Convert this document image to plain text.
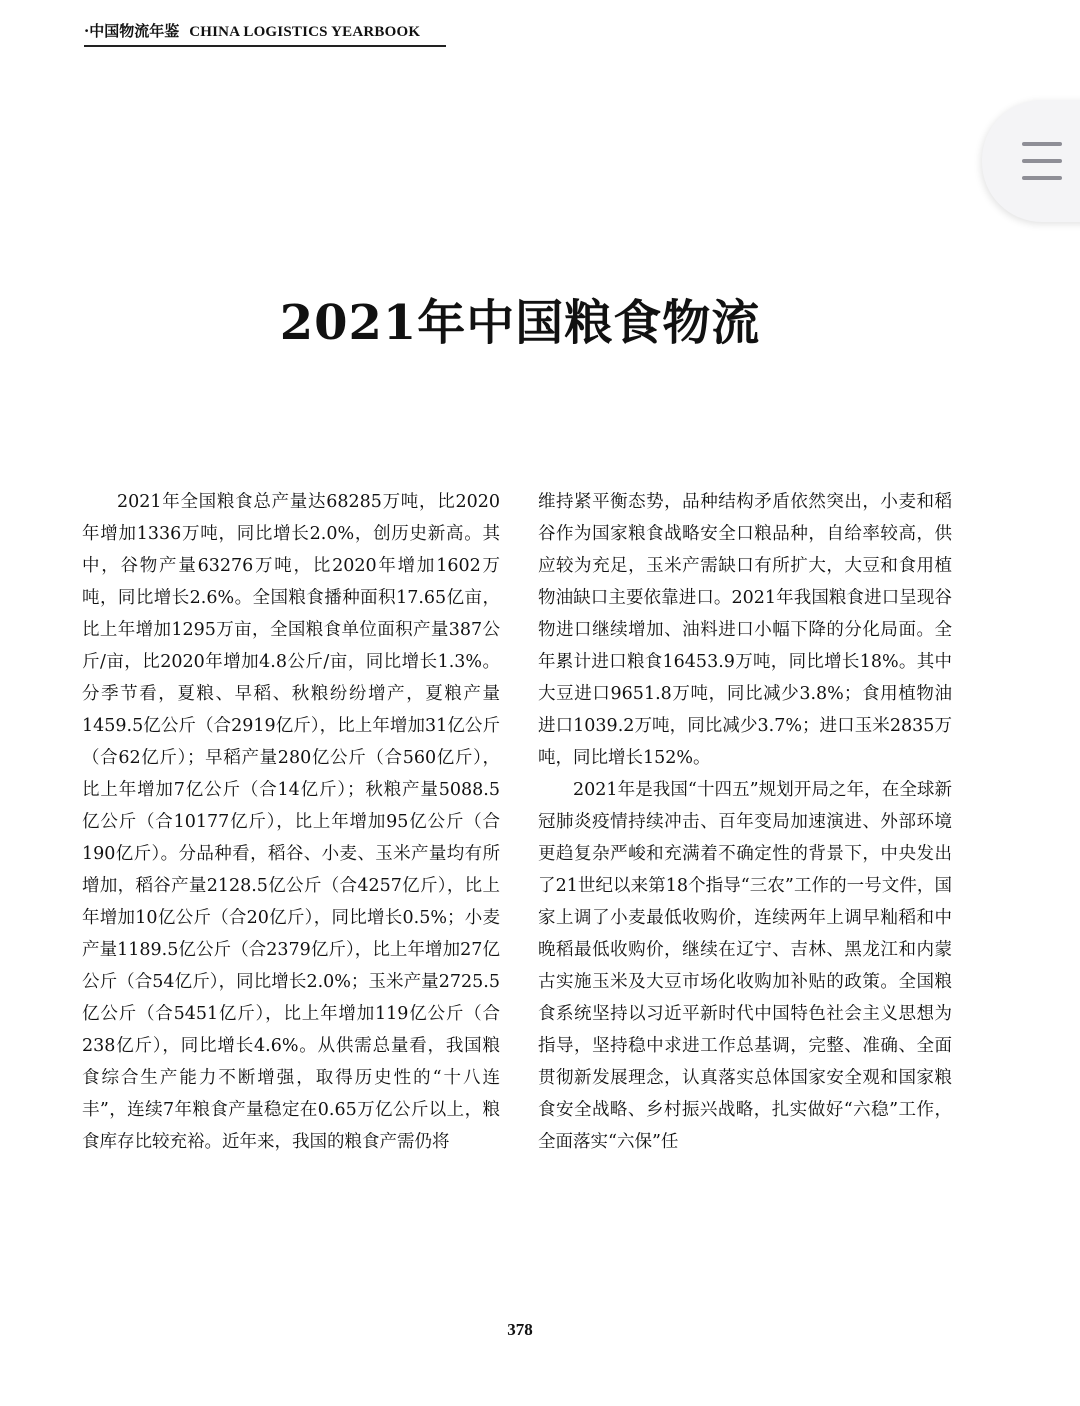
·中国物流年鉴 CHINA LOGISTICS YEARBOOK
2021年中国粮食物流

2021年全国粮食总产量达68285万吨，比2020年增加1336万吨，同比增长2.0%，创历史新高。其中，谷物产量63276万吨，比2020年增加1602万吨，同比增长2.6%。全国粮食播种面积17.65亿亩，比上年增加1295万亩，全国粮食单位面积产量387公斤/亩，比2020年增加4.8公斤/亩，同比增长1.3%。分季节看，夏粮、早稻、秋粮纷纷增产，夏粮产量1459.5亿公斤（合2919亿斤），比上年增加31亿公斤（合62亿斤）；早稻产量280亿公斤（合560亿斤），比上年增加7亿公斤（合14亿斤）；秋粮产量5088.5亿公斤（合10177亿斤），比上年增加95亿公斤（合190亿斤）。分品种看，稻谷、小麦、玉米产量均有所增加，稻谷产量2128.5亿公斤（合4257亿斤），比上年增加10亿公斤（合20亿斤），同比增长0.5%；小麦产量1189.5亿公斤（合2379亿斤），比上年增加27亿公斤（合54亿斤），同比增长2.0%；玉米产量2725.5亿公斤（合5451亿斤），比上年增加119亿公斤（合238亿斤），同比增长4.6%。从供需总量看，我国粮食综合生产能力不断增强，取得历史性的“十八连丰”，连续7年粮食产量稳定在0.65万亿公斤以上，粮食库存比较充裕。近年来，我国的粮食产需仍将

维持紧平衡态势，品种结构矛盾依然突出，小麦和稻谷作为国家粮食战略安全口粮品种，自给率较高，供应较为充足，玉米产需缺口有所扩大，大豆和食用植物油缺口主要依靠进口。2021年我国粮食进口呈现谷物进口继续增加、油料进口小幅下降的分化局面。全年累计进口粮食16453.9万吨，同比增长18%。其中大豆进口9651.8万吨，同比减少3.8%；食用植物油进口1039.2万吨，同比减少3.7%；进口玉米2835万吨，同比增长152%。

2021年是我国“十四五”规划开局之年，在全球新冠肺炎疫情持续冲击、百年变局加速演进、外部环境更趋复杂严峻和充满着不确定性的背景下，中央发出了21世纪以来第18个指导“三农”工作的一号文件，国家上调了小麦最低收购价，连续两年上调早籼稻和中晚稻最低收购价，继续在辽宁、吉林、黑龙江和内蒙古实施玉米及大豆市场化收购加补贴的政策。全国粮食系统坚持以习近平新时代中国特色社会主义思想为指导，坚持稳中求进工作总基调，完整、准确、全面贯彻新发展理念，认真落实总体国家安全观和国家粮食安全战略、乡村振兴战略，扎实做好“六稳”工作，全面落实“六保”任

378
